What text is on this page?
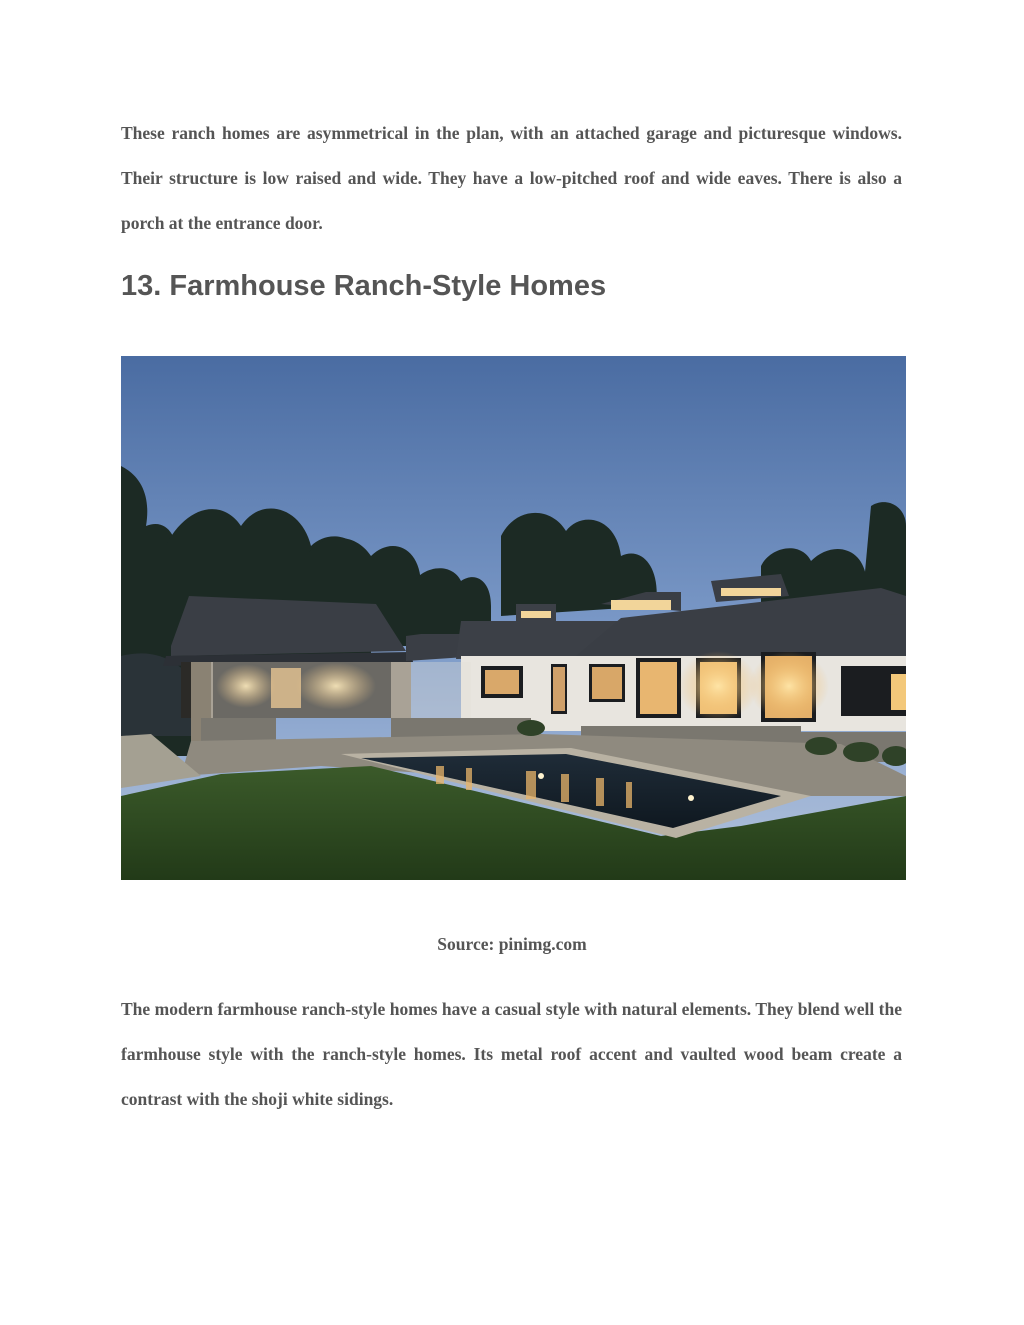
These ranch homes are asymmetrical in the plan, with an attached garage and picturesque windows. Their structure is low raised and wide. They have a low-pitched roof and wide eaves. There is also a porch at the entrance door.

13. Farmhouse Ranch-Style Homes
Source: pinimg.com

The modern farmhouse ranch-style homes have a casual style with natural elements. They blend well the farmhouse style with the ranch-style homes. Its metal roof accent and vaulted wood beam create a contrast with the shoji white sidings.
